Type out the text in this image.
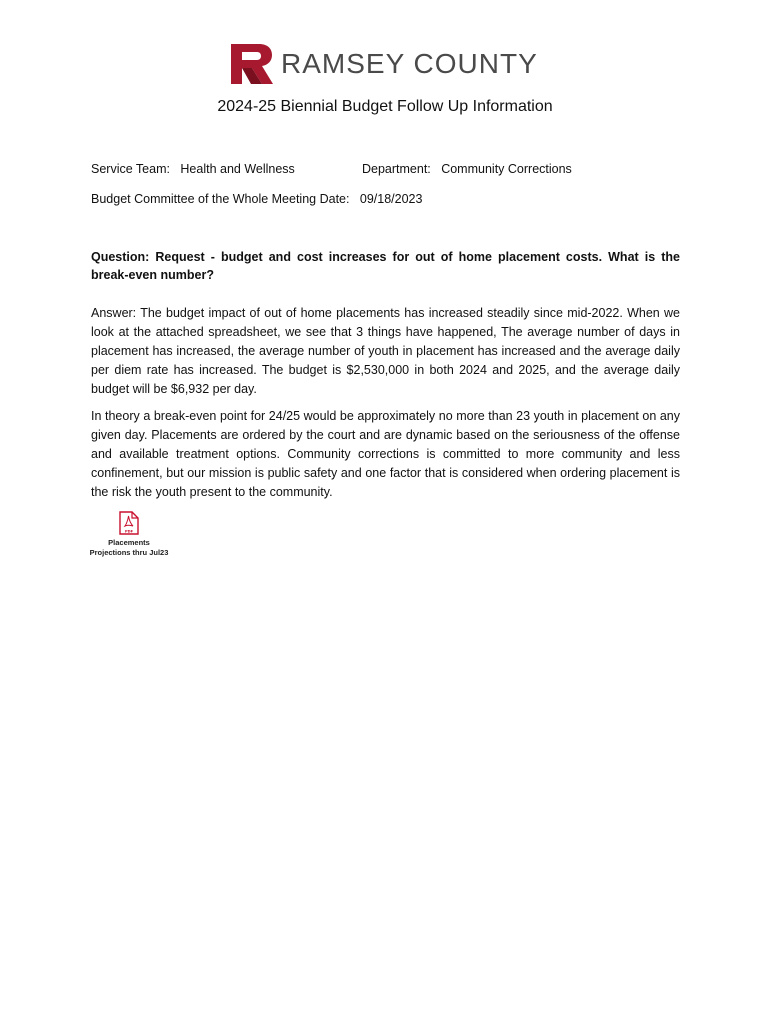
RAMSEY COUNTY
2024-25 Biennial Budget Follow Up Information
Service Team: Health and Wellness	Department: Community Corrections
Budget Committee of the Whole Meeting Date: 09/18/2023
Question: Request - budget and cost increases for out of home placement costs. What is the break-even number?

Answer: The budget impact of out of home placements has increased steadily since mid-2022. When we look at the attached spreadsheet, we see that 3 things have happened, The average number of days in placement has increased, the average number of youth in placement has increased and the average daily per diem rate has increased. The budget is $2,530,000 in both 2024 and 2025, and the average daily budget will be $6,932 per day.

In theory a break-even point for 24/25 would be approximately no more than 23 youth in placement on any given day. Placements are ordered by the court and are dynamic based on the seriousness of the offense and available treatment options. Community corrections is committed to more community and less confinement, but our mission is public safety and one factor that is considered when ordering placement is the risk the youth present to the community.

PDF
Placements
Projections thru Jul23
